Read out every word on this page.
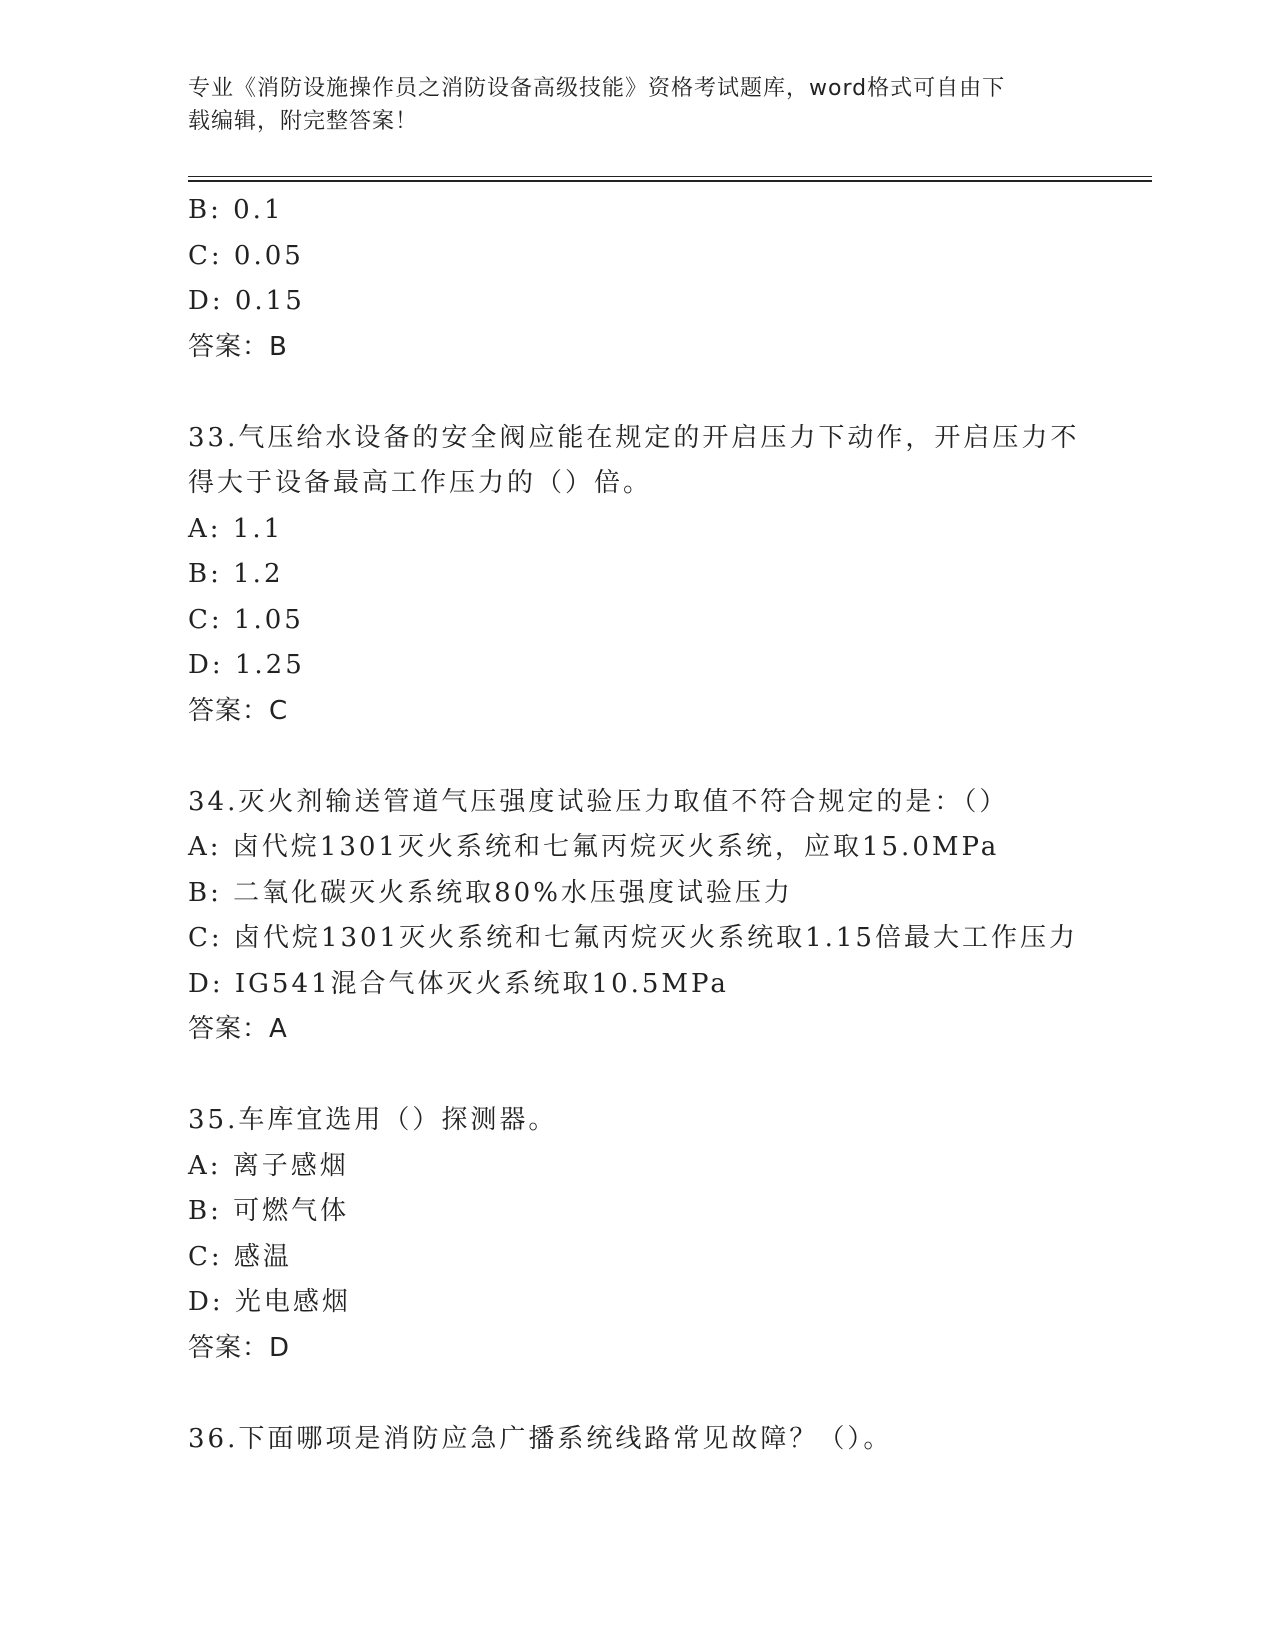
专业《消防设施操作员之消防设备高级技能》资格考试题库，word格式可自由下
载编辑，附完整答案！
B: 0.1
C: 0.05
D: 0.15
答案：B
33.气压给水设备的安全阀应能在规定的开启压力下动作，开启压力不
得大于设备最高工作压力的（）倍。
A: 1.1
B: 1.2
C: 1.05
D: 1.25
答案：C
34.灭火剂输送管道气压强度试验压力取值不符合规定的是：（）
A: 卤代烷1301灭火系统和七氟丙烷灭火系统，应取15.0MPa
B: 二氧化碳灭火系统取80%水压强度试验压力
C: 卤代烷1301灭火系统和七氟丙烷灭火系统取1.15倍最大工作压力
D: IG541混合气体灭火系统取10.5MPa
答案：A
35.车库宜选用（）探测器。
A: 离子感烟
B: 可燃气体
C: 感温
D: 光电感烟
答案：D
36.下面哪项是消防应急广播系统线路常见故障？（）。
